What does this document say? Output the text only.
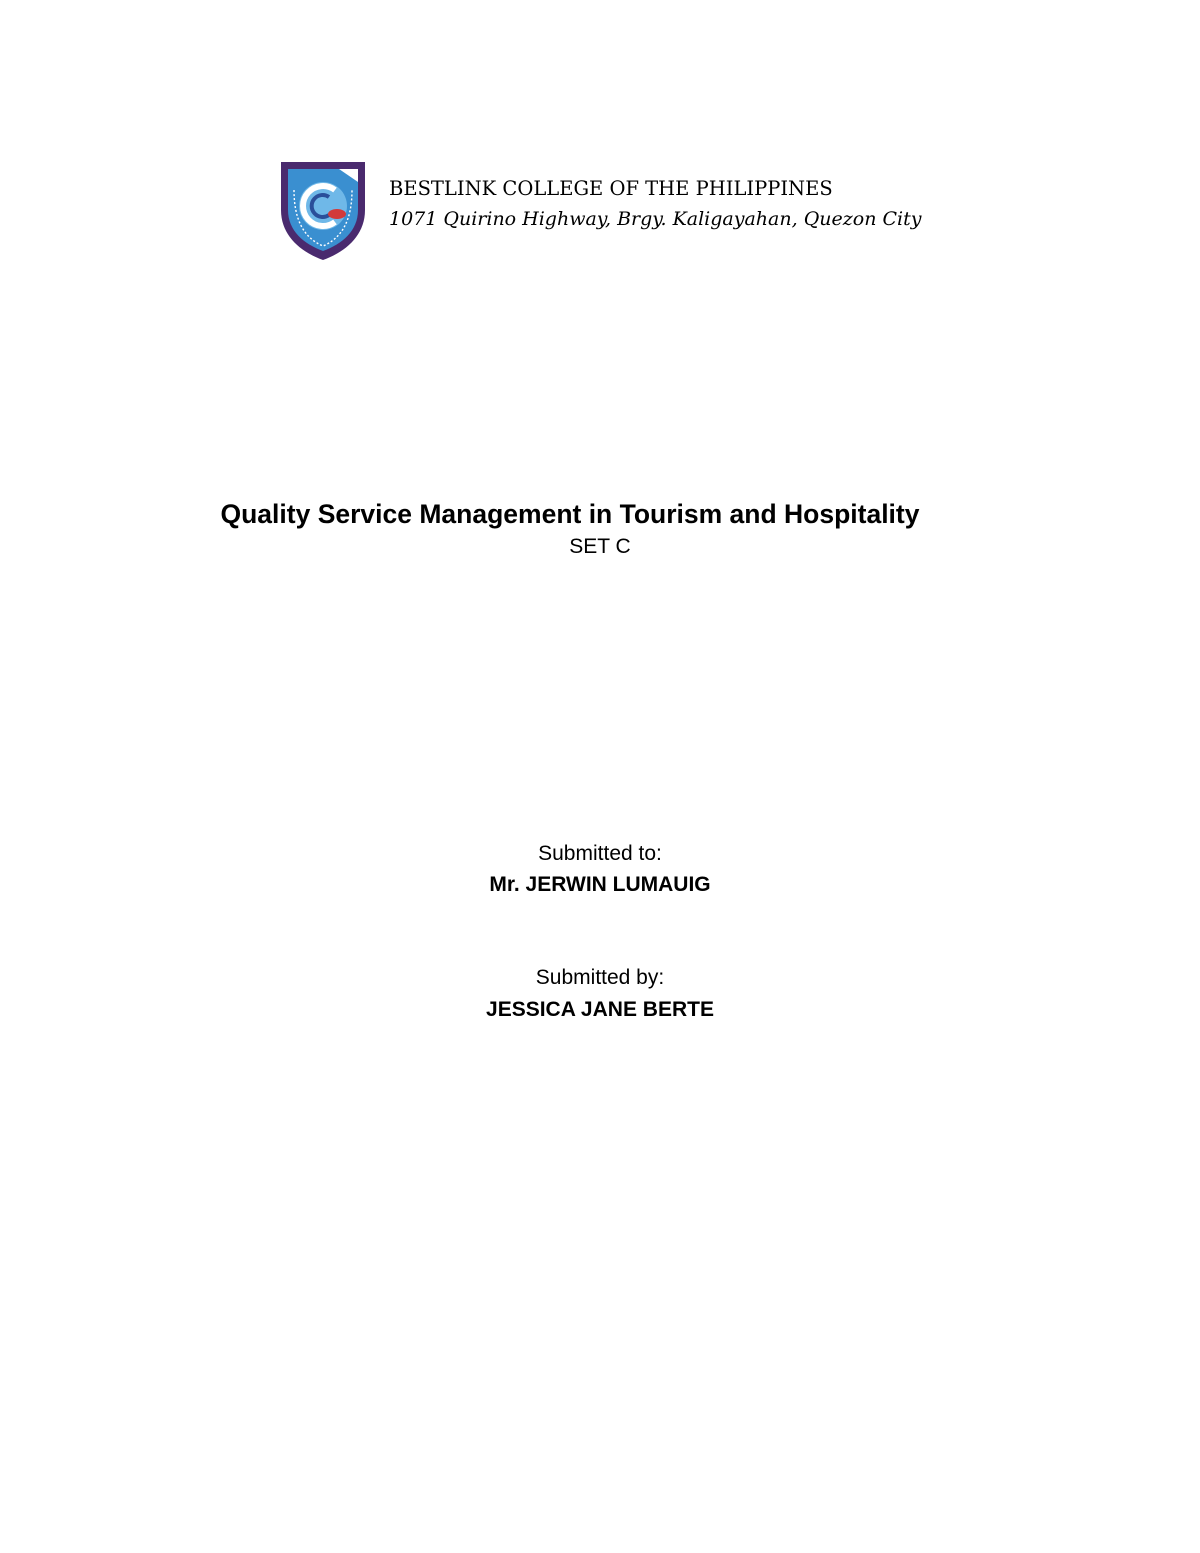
BESTLINK COLLEGE OF THE PHILIPPINES
1071 Quirino Highway, Brgy. Kaligayahan, Quezon City
Quality Service Management in Tourism and Hospitality
SET C
Submitted to:
Mr. JERWIN LUMAUIG
Submitted by:
JESSICA JANE BERTE
